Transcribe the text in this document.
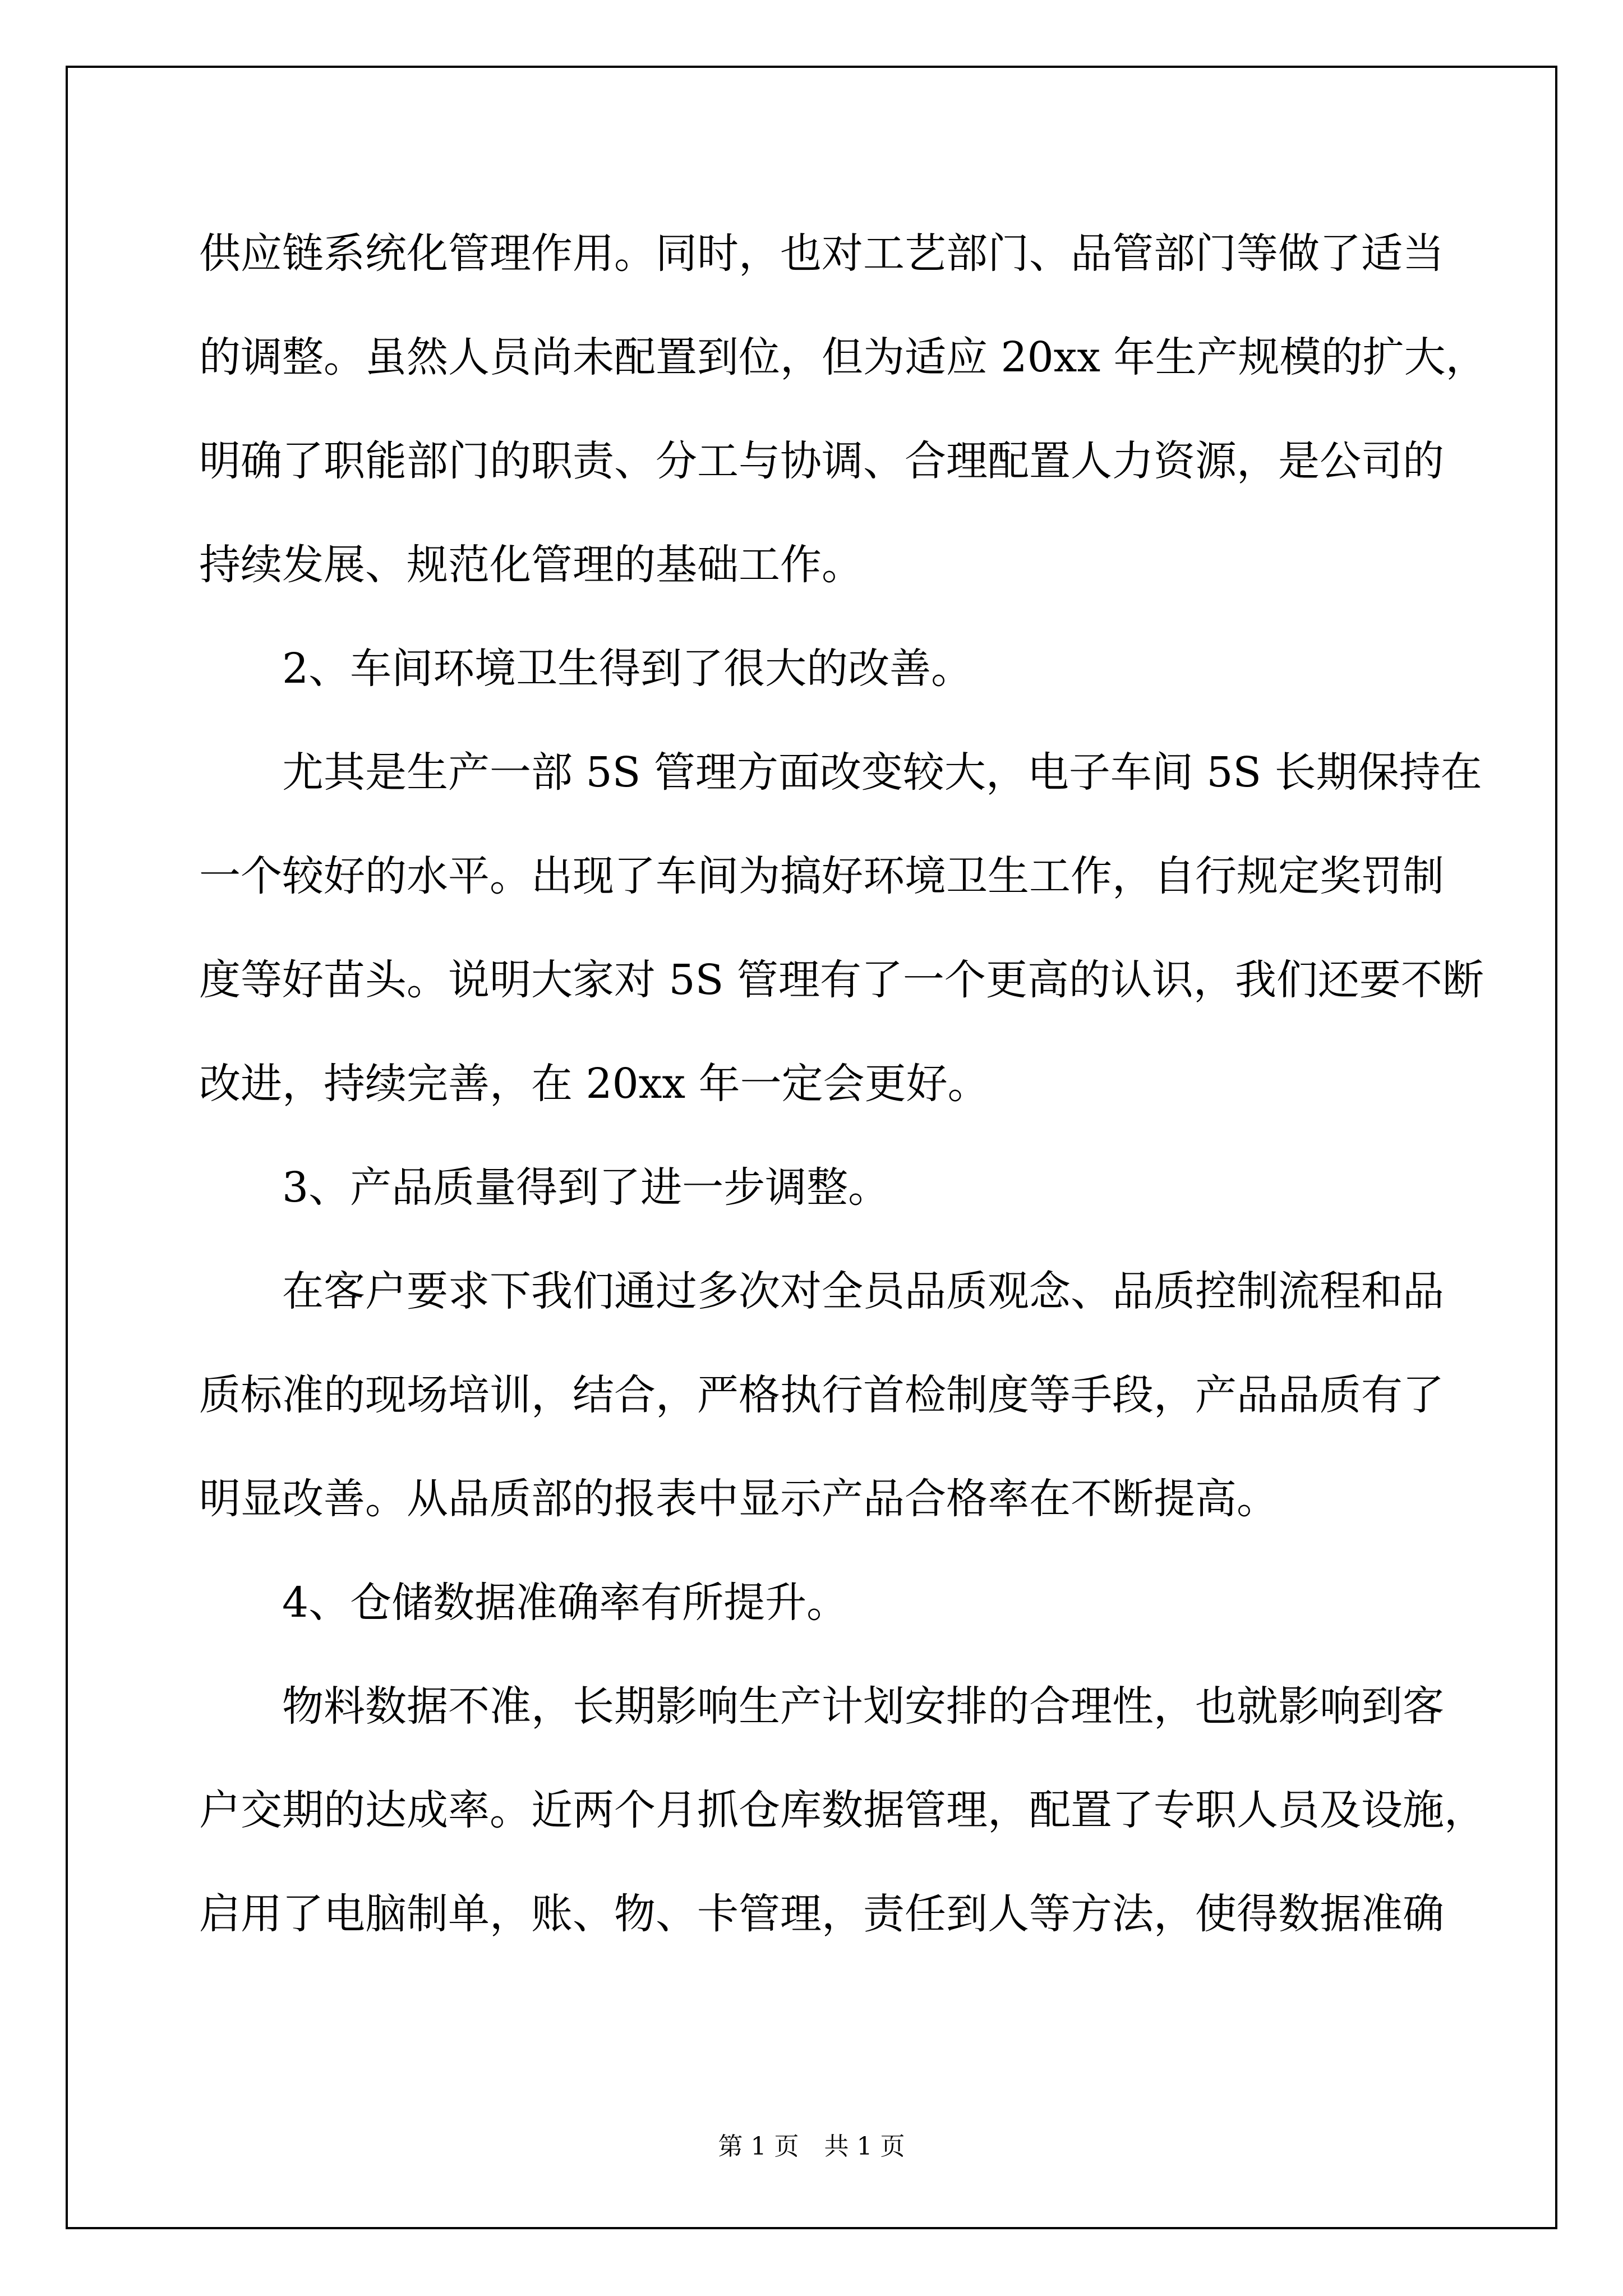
供应链系统化管理作用。同时，也对工艺部门、品管部门等做了适当
的调整。虽然人员尚未配置到位，但为适应 20xx 年生产规模的扩大，
明确了职能部门的职责、分工与协调、合理配置人力资源，是公司的
持续发展、规范化管理的基础工作。
2、车间环境卫生得到了很大的改善。
尤其是生产一部 5S 管理方面改变较大，电子车间 5S 长期保持在
一个较好的水平。出现了车间为搞好环境卫生工作，自行规定奖罚制
度等好苗头。说明大家对 5S 管理有了一个更高的认识，我们还要不断
改进，持续完善，在 20xx 年一定会更好。
3、产品质量得到了进一步调整。
在客户要求下我们通过多次对全员品质观念、品质控制流程和品
质标准的现场培训，结合，严格执行首检制度等手段，产品品质有了
明显改善。从品质部的报表中显示产品合格率在不断提高。
4、仓储数据准确率有所提升。
物料数据不准，长期影响生产计划安排的合理性，也就影响到客
户交期的达成率。近两个月抓仓库数据管理，配置了专职人员及设施，
启用了电脑制单，账、物、卡管理，责任到人等方法，使得数据准确
第 1 页 共 1 页
